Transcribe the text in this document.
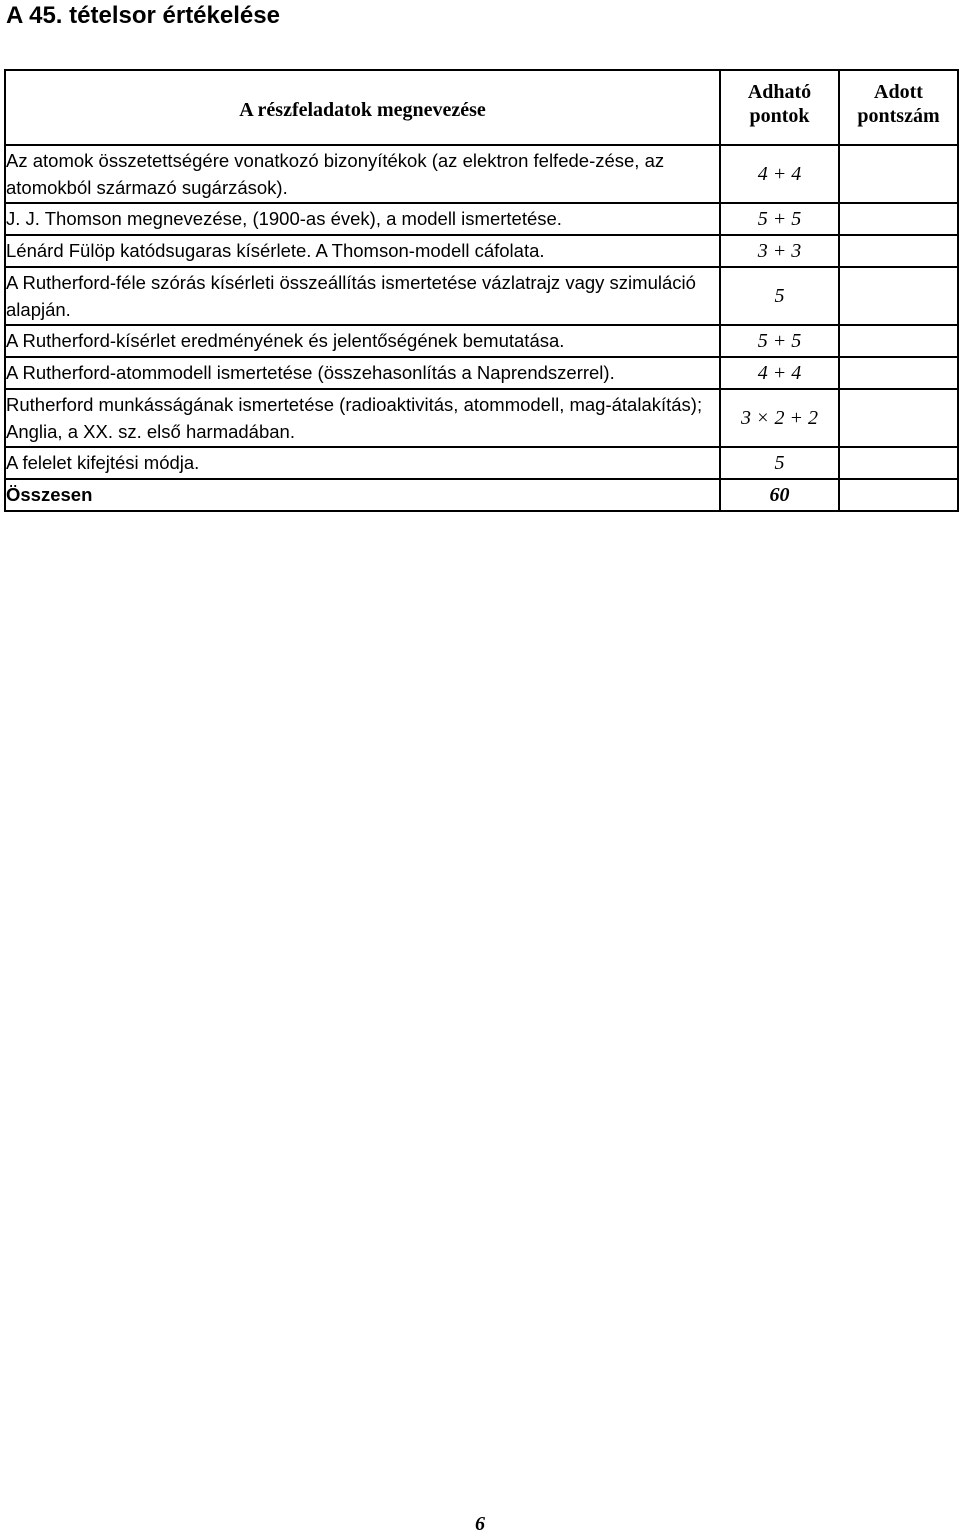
A 45. tételsor értékelése
A részfeladatok megnevezése	Adható pontok	Adott pontszám
Az atomok összetettségére vonatkozó bizonyítékok (az elektron felfede-zése, az atomokból származó sugárzások).	4 + 4	
J. J. Thomson megnevezése, (1900-as évek), a modell ismertetése.	5 + 5	
Lénárd Fülöp katódsugaras kísérlete. A Thomson-modell cáfolata.	3 + 3	
A Rutherford-féle szórás kísérleti összeállítás ismertetése vázlatrajz vagy szimuláció alapján.	5	
A Rutherford-kísérlet eredményének és jelentőségének bemutatása.	5 + 5	
A Rutherford-atommodell ismertetése (összehasonlítás a Naprendszerrel).	4 + 4	
Rutherford munkásságának ismertetése (radioaktivitás, atommodell, mag-átalakítás); Anglia, a XX. sz. első harmadában.	3 × 2 + 2	
A felelet kifejtési módja.	5	
Összesen	60	
6
